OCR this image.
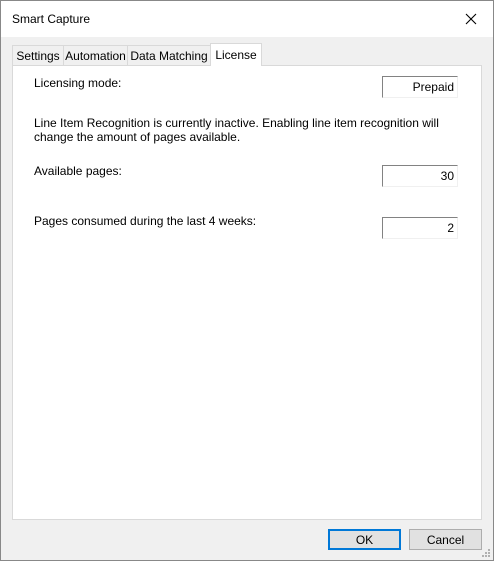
Smart Capture
Settings Automation Data Matching License
Licensing mode:	Prepaid
Line Item Recognition is currently inactive. Enabling line item recognition will change the amount of pages available.
Available pages:	30
Pages consumed during the last 4 weeks:	2
OK	Cancel
